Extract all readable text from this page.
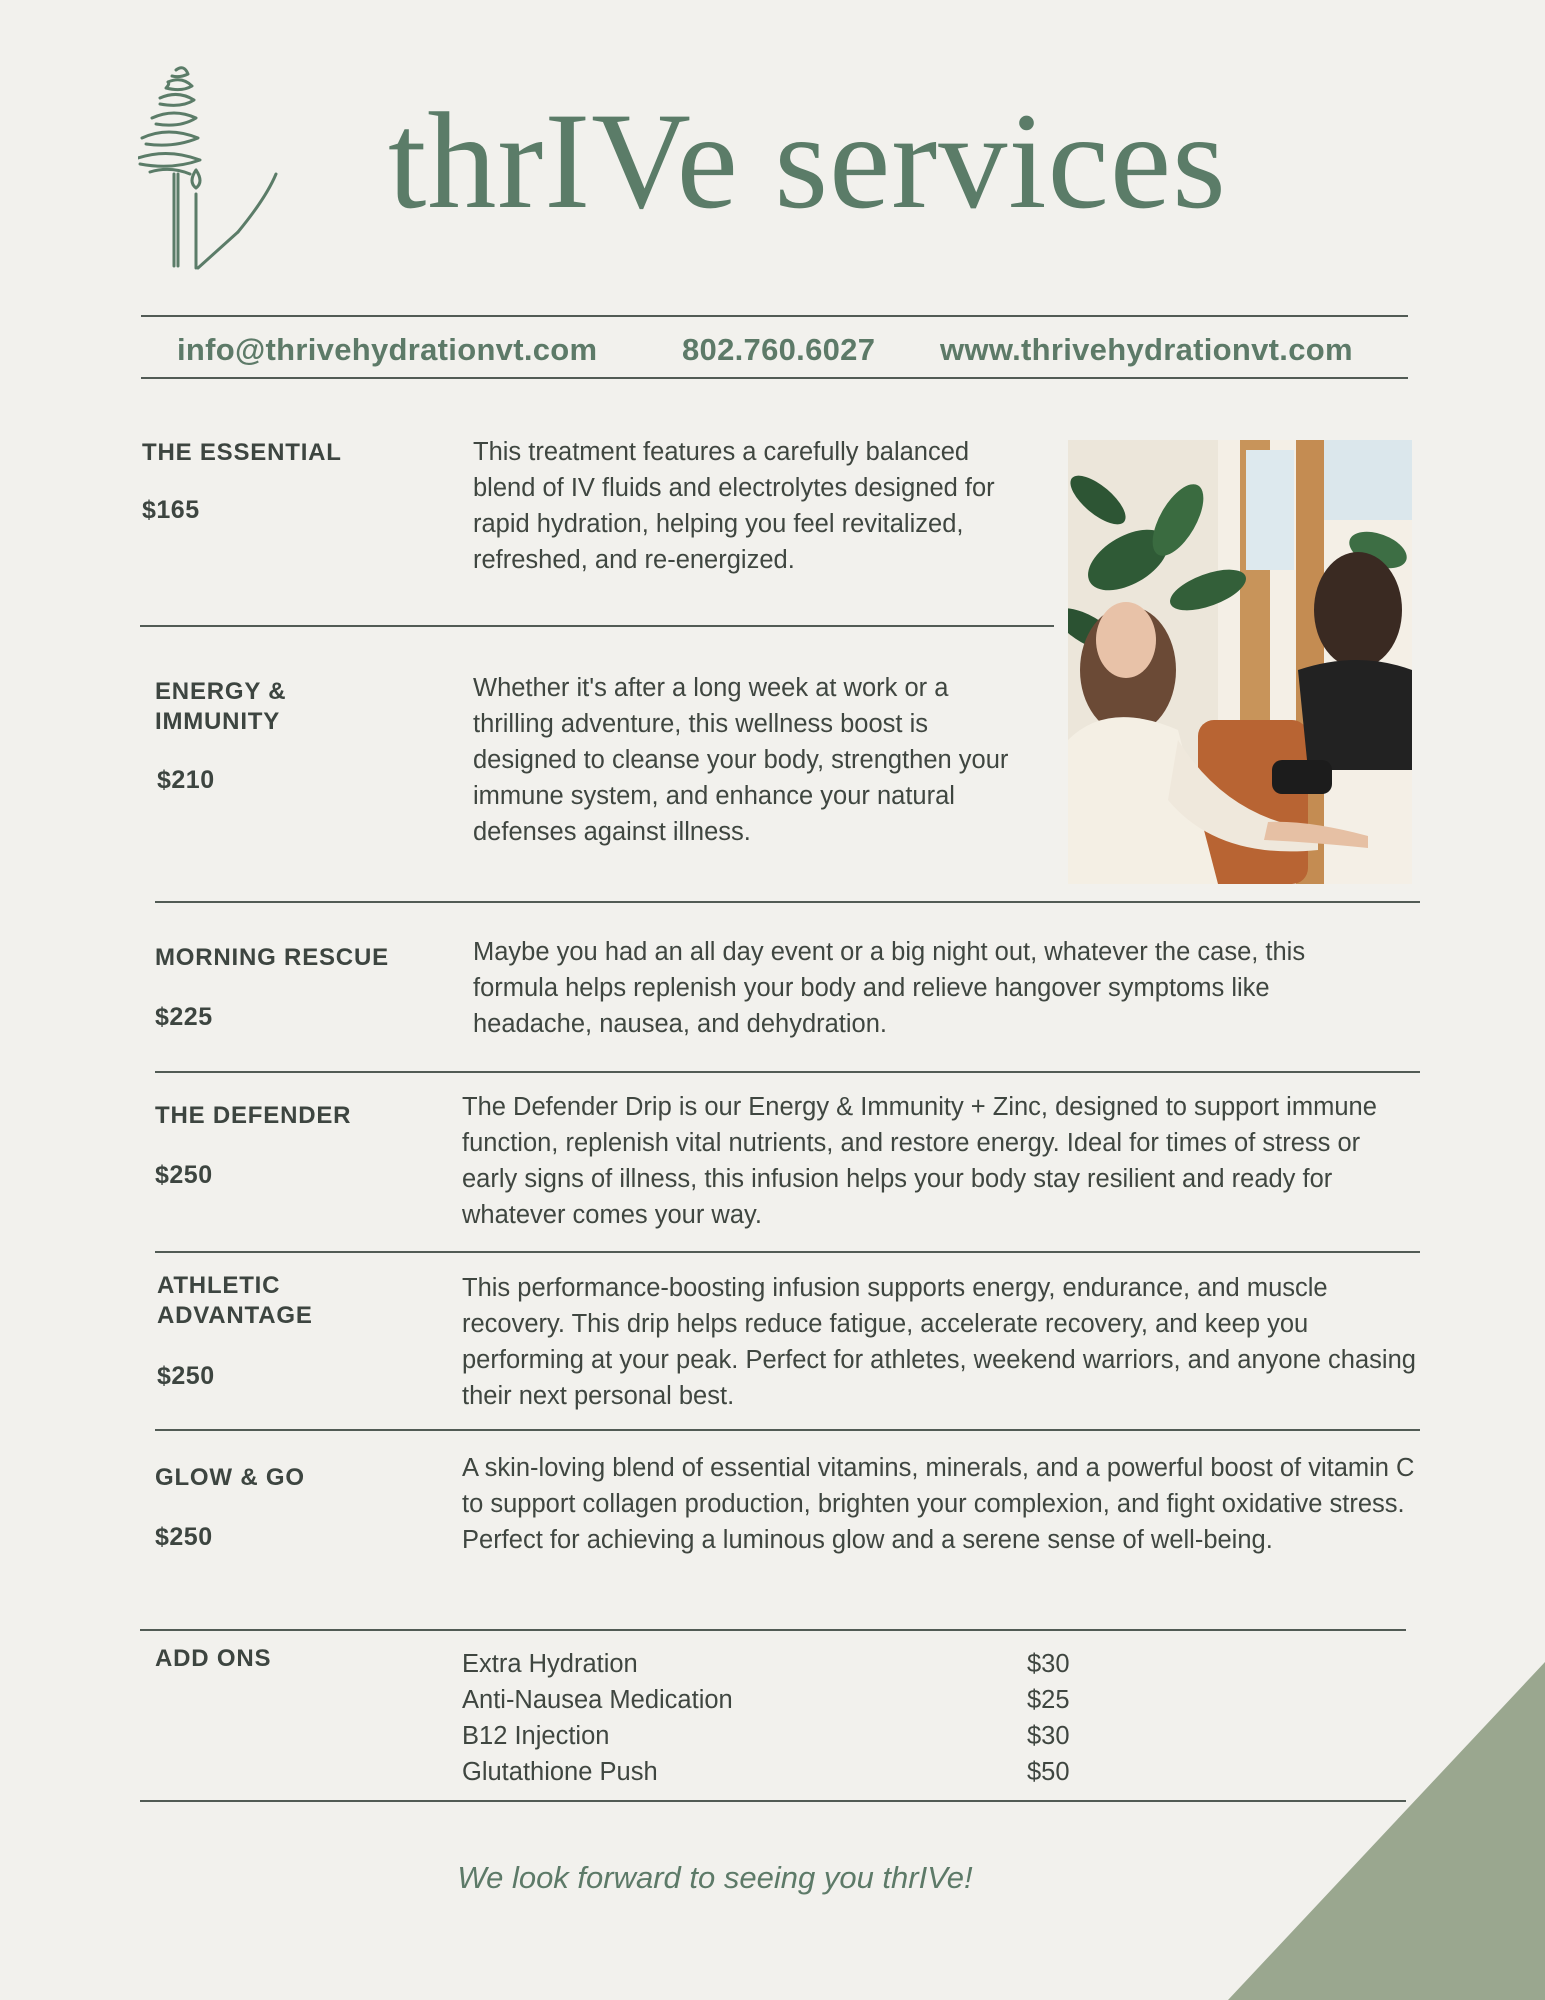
thrIVe services
info@thrivehydrationvt.com	802.760.6027 www.thrivehydrationvt.com
THE ESSENTIAL
$165
This treatment features a carefully balanced blend of IV fluids and electrolytes designed for rapid hydration, helping you feel revitalized, refreshed, and re-energized.
ENERGY & IMMUNITY
$210
Whether it's after a long week at work or a thrilling adventure, this wellness boost is designed to cleanse your body, strengthen your immune system, and enhance your natural defenses against illness.
MORNING RESCUE
$225
Maybe you had an all day event or a big night out, whatever the case, this formula helps replenish your body and relieve hangover symptoms like headache, nausea, and dehydration.
THE DEFENDER
$250
The Defender Drip is our Energy & Immunity + Zinc, designed to support immune function, replenish vital nutrients, and restore energy. Ideal for times of stress or early signs of illness, this infusion helps your body stay resilient and ready for whatever comes your way.
ATHLETIC ADVANTAGE
$250
This performance-boosting infusion supports energy, endurance, and muscle recovery. This drip helps reduce fatigue, accelerate recovery, and keep you performing at your peak. Perfect for athletes, weekend warriors, and anyone chasing their next personal best.
GLOW & GO
$250
A skin-loving blend of essential vitamins, minerals, and a powerful boost of vitamin C to support collagen production, brighten your complexion, and fight oxidative stress. Perfect for achieving a luminous glow and a serene sense of well-being.
ADD ONS	Extra Hydration	$30
Anti-Nausea Medication	$25
B12 Injection	$30
Glutathione Push	$50
We look forward to seeing you thrIVe!
